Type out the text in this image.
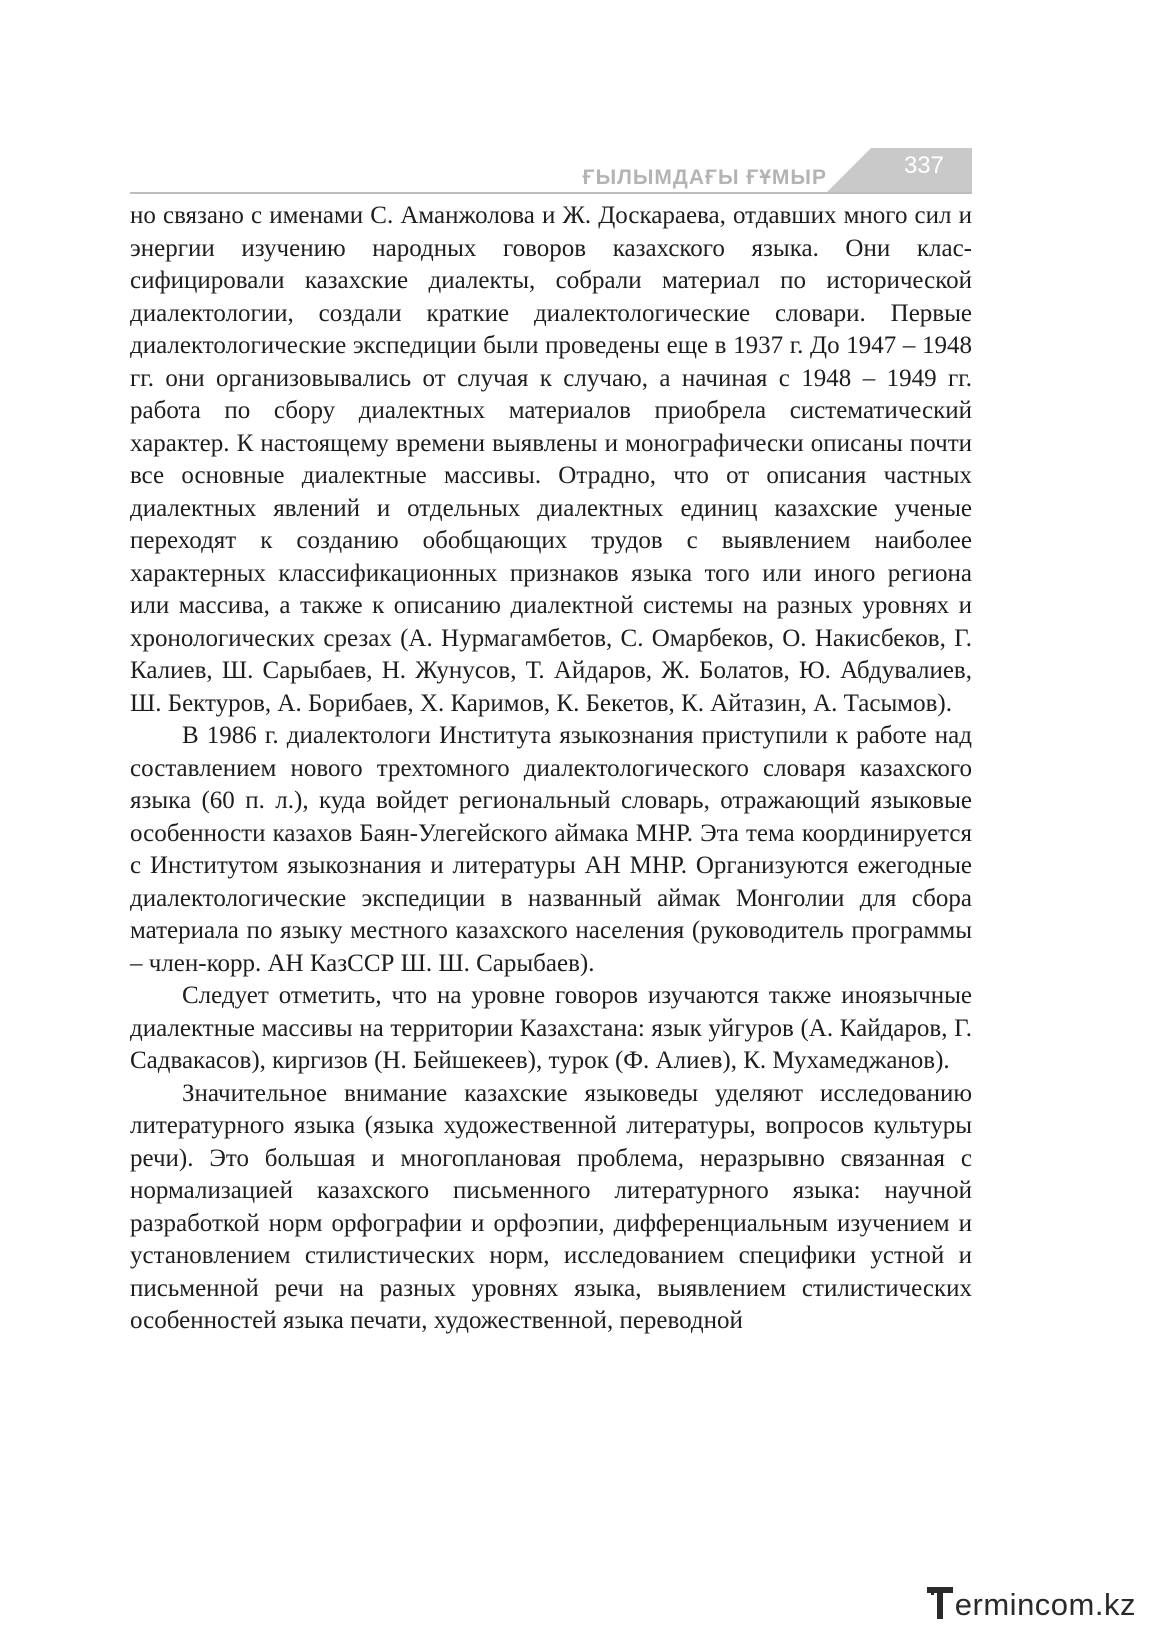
ҒЫЛЫМДАҒЫ ҒҰМЫР	337

но связано с именами С. Аманжолова и Ж. Доскараева, отдавших много сил и энергии изучению народных говоров казахского языка. Они классифицировали казахские диалекты, собрали материал по исторической диалектологии, создали краткие диалектологические словари. Первые диалектологические экспедиции были проведены еще в 1937 г. До 1947 – 1948 гг. они организовывались от случая к случаю, а начиная с 1948 – 1949 гг. работа по сбору диалектных материалов приобрела систематический характер. К настоящему времени выявлены и монографически описаны почти все основные диалектные массивы. Отрадно, что от описания частных диалектных явлений и отдельных диалектных единиц казахские ученые переходят к созданию обобщающих трудов с выявлением наиболее характерных классификационных признаков языка того или иного региона или массива, а также к описанию диалектной системы на разных уровнях и хронологических срезах (А. Нурмагамбетов, С. Омарбеков, О. Накисбеков, Г. Калиев, Ш. Сарыбаев, Н. Жунусов, Т. Айдаров, Ж. Болатов, Ю. Абдувалиев, Ш. Бектуров, А. Борибаев, Х. Каримов, К. Бекетов, К. Айтазин, А. Тасымов).

В 1986 г. диалектологи Института языкознания приступили к работе над составлением нового трехтомного диалектологического словаря казахского языка (60 п. л.), куда войдет региональный словарь, отражающий языковые особенности казахов Баян-Улегейского аймака МНР. Эта тема координируется с Институтом языкознания и литературы АН МНР. Организуются ежегодные диалектологические экспедиции в названный аймак Монголии для сбора материала по языку местного казахского населения (руководитель программы – член-корр. АН КазССР Ш. Ш. Сарыбаев).

Следует отметить, что на уровне говоров изучаются также иноязычные диалектные массивы на территории Казахстана: язык уйгуров (А. Кайдаров, Г. Садвакасов), киргизов (Н. Бейшекеев), турок (Ф. Алиев), К. Мухамеджанов).

Значительное внимание казахские языковеды уделяют исследованию литературного языка (языка художественной литературы, вопросов культуры речи). Это большая и многоплановая проблема, неразрывно связанная с нормализацией казахского письменного литературного языка: научной разработкой норм орфографии и орфоэпии, дифференциальным изучением и установлением стилистических норм, исследованием специфики устной и письменной речи на разных уровнях языка, выявлением стилистических особенностей языка печати, художественной, переводной

ermincom.kz
